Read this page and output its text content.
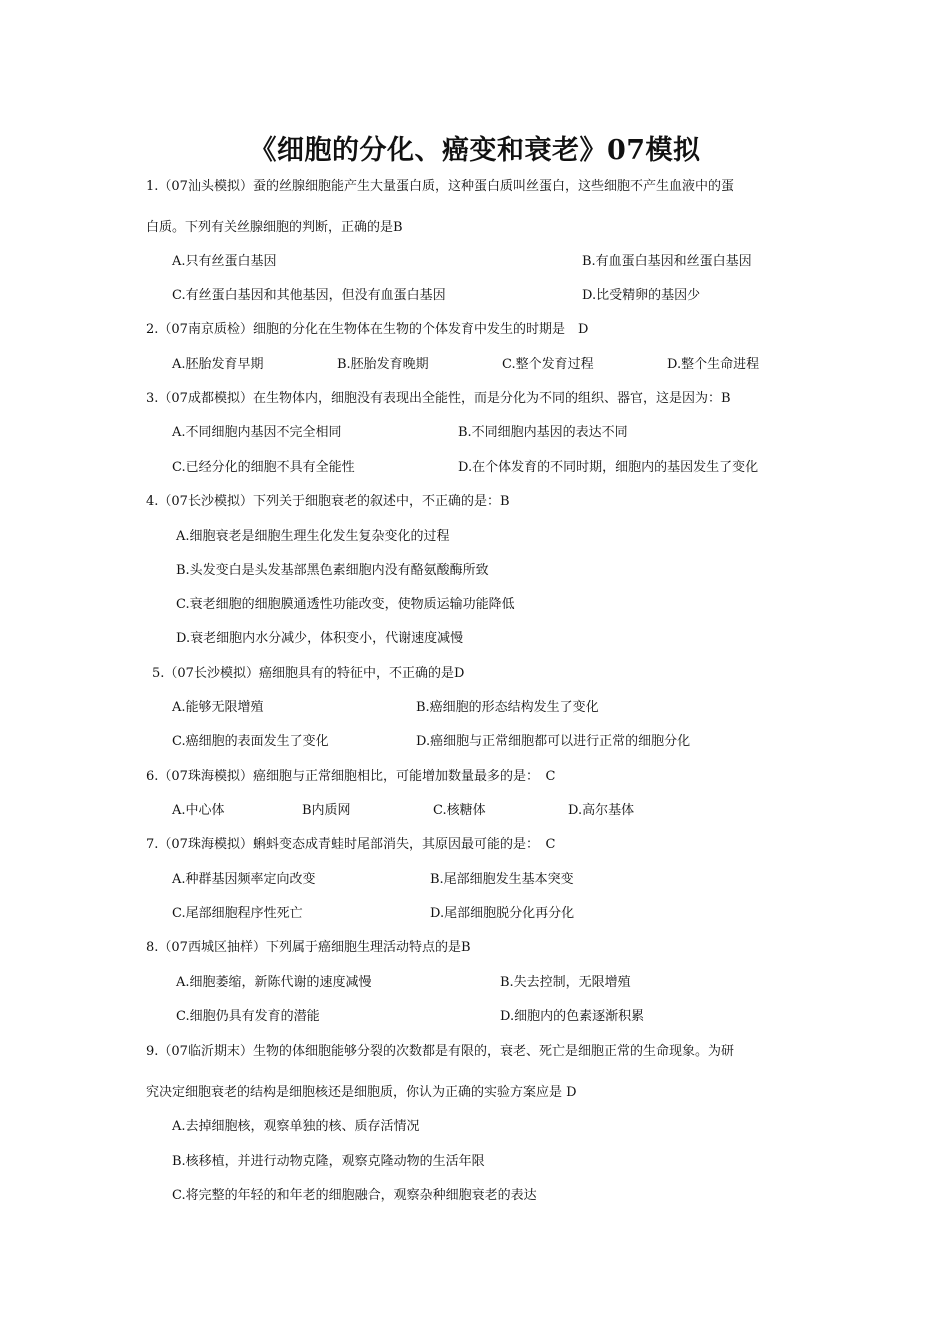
《细胞的分化、癌变和衰老》07模拟
1.（07汕头模拟）蚕的丝腺细胞能产生大量蛋白质，这种蛋白质叫丝蛋白，这些细胞不产生血液中的蛋
白质。下列有关丝腺细胞的判断，正确的是B
A.只有丝蛋白基因	B.有血蛋白基因和丝蛋白基因
C.有丝蛋白基因和其他基因，但没有血蛋白基因	D.比受精卵的基因少
2.（07南京质检）细胞的分化在生物体在生物的个体发育中发生的时期是　D
A.胚胎发育早期	B.胚胎发育晚期	C.整个发育过程	D.整个生命进程
3.（07成都模拟）在生物体内，细胞没有表现出全能性，而是分化为不同的组织、器官，这是因为：B
A.不同细胞内基因不完全相同	B.不同细胞内基因的表达不同
C.已经分化的细胞不具有全能性	D.在个体发育的不同时期，细胞内的基因发生了变化
4.（07长沙模拟）下列关于细胞衰老的叙述中，不正确的是：B
A.细胞衰老是细胞生理生化发生复杂变化的过程
B.头发变白是头发基部黑色素细胞内没有酪氨酸酶所致
C.衰老细胞的细胞膜通透性功能改变，使物质运输功能降低
D.衰老细胞内水分减少，体积变小，代谢速度减慢
5.（07长沙模拟）癌细胞具有的特征中，不正确的是D
A.能够无限增殖	B.癌细胞的形态结构发生了变化
C.癌细胞的表面发生了变化	D.癌细胞与正常细胞都可以进行正常的细胞分化
6.（07珠海模拟）癌细胞与正常细胞相比，可能增加数量最多的是：　C
A.中心体	B内质网	C.核糖体	D.高尔基体
7.（07珠海模拟）蝌蚪变态成青蛙时尾部消失，其原因最可能的是：　C
A.种群基因频率定向改变	B.尾部细胞发生基本突变
C.尾部细胞程序性死亡	D.尾部细胞脱分化再分化
8.（07西城区抽样）下列属于癌细胞生理活动特点的是B
A.细胞萎缩，新陈代谢的速度减慢	B.失去控制，无限增殖
C.细胞仍具有发育的潜能	D.细胞内的色素逐渐积累
9.（07临沂期末）生物的体细胞能够分裂的次数都是有限的，衰老、死亡是细胞正常的生命现象。为研
究决定细胞衰老的结构是细胞核还是细胞质，你认为正确的实验方案应是 D
A.去掉细胞核，观察单独的核、质存活情况
B.核移植，并进行动物克隆，观察克隆动物的生活年限
C.将完整的年轻的和年老的细胞融合，观察杂种细胞衰老的表达
